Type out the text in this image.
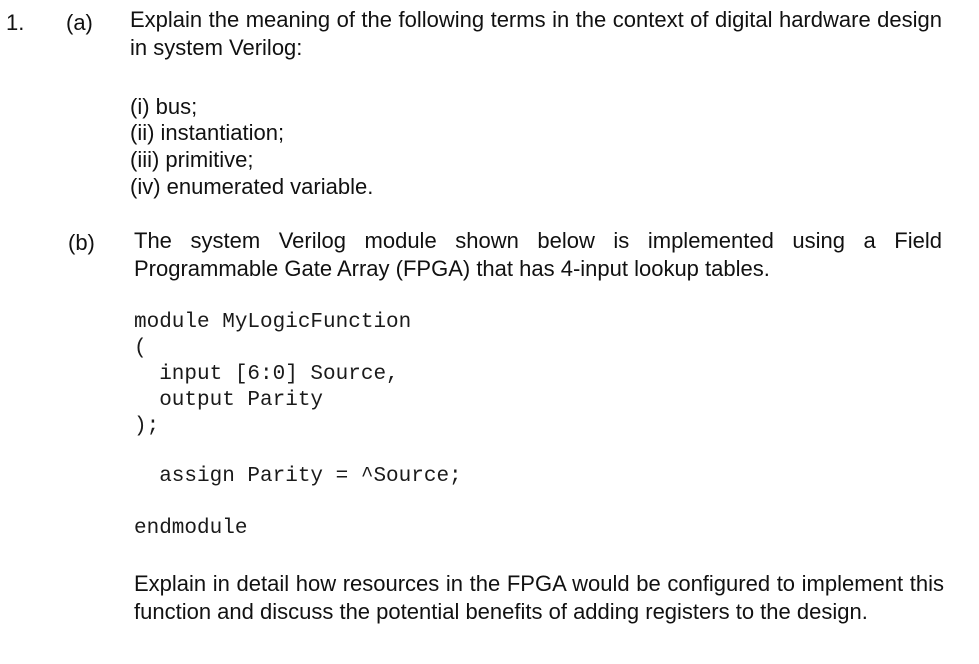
1. (a) Explain the meaning of the following terms in the context of digital hardware design in system Verilog:
(i) bus;
(ii) instantiation;
(iii) primitive;
(iv) enumerated variable.
(b) The system Verilog module shown below is implemented using a Field Programmable Gate Array (FPGA) that has 4-input lookup tables.
module MyLogicFunction
(
input [6:0] Source,
output Parity
);
assign Parity = ^Source;
endmodule
Explain in detail how resources in the FPGA would be configured to implement this function and discuss the potential benefits of adding registers to the design.
